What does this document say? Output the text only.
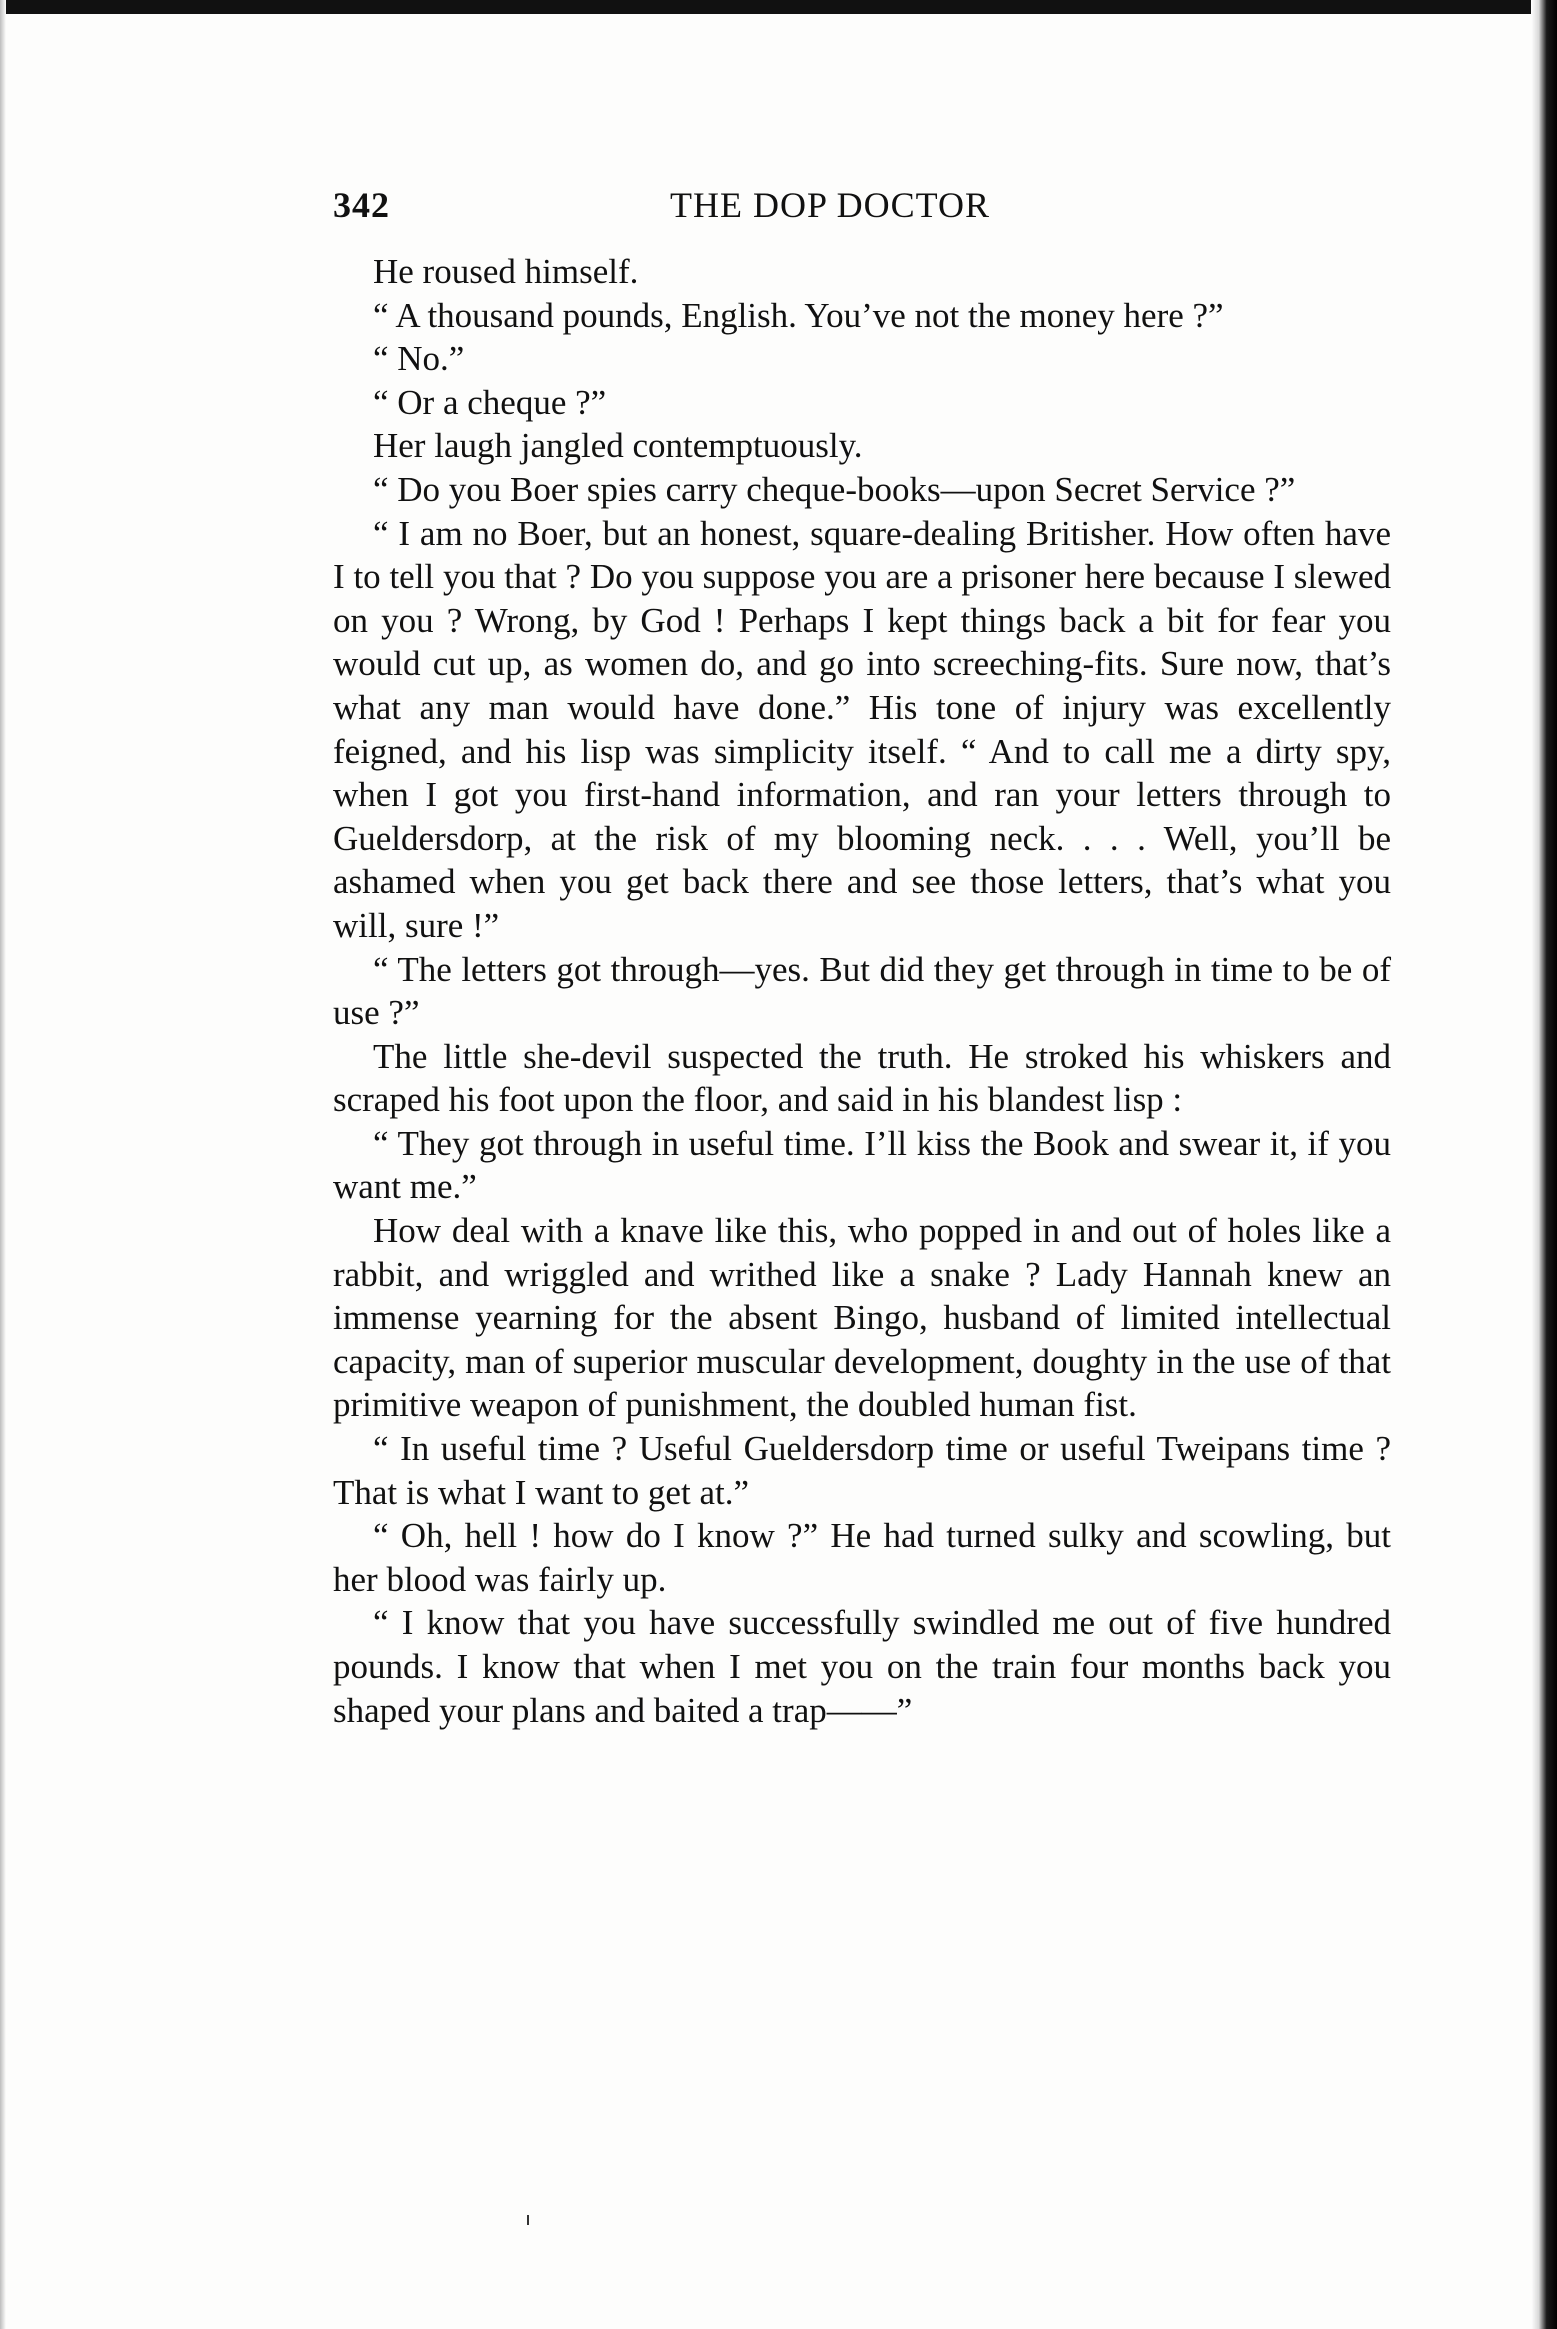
342	THE DOP DOCTOR

He roused himself.

“ A thousand pounds, English. You’ve not the money here ?”

“ No.”

“ Or a cheque ?”

Her laugh jangled contemptuously.

“ Do you Boer spies carry cheque-books—upon Secret Service ?”

“ I am no Boer, but an honest, square-dealing Britisher. How often have I to tell you that ? Do you suppose you are a prisoner here because I slewed on you ? Wrong, by God ! Perhaps I kept things back a bit for fear you would cut up, as women do, and go into screeching-fits. Sure now, that’s what any man would have done.” His tone of injury was excellently feigned, and his lisp was simplicity itself. “ And to call me a dirty spy, when I got you first-hand information, and ran your letters through to Gueldersdorp, at the risk of my blooming neck. . . . Well, you’ll be ashamed when you get back there and see those letters, that’s what you will, sure !”

“ The letters got through—yes. But did they get through in time to be of use ?”

The little she-devil suspected the truth. He stroked his whiskers and scraped his foot upon the floor, and said in his blandest lisp :

“ They got through in useful time. I’ll kiss the Book and swear it, if you want me.”

How deal with a knave like this, who popped in and out of holes like a rabbit, and wriggled and writhed like a snake ? Lady Hannah knew an immense yearning for the absent Bingo, husband of limited intellectual capacity, man of superior muscular development, doughty in the use of that primitive weapon of punishment, the doubled human fist.

“ In useful time ? Useful Gueldersdorp time or useful Tweipans time ? That is what I want to get at.”

“ Oh, hell ! how do I know ?” He had turned sulky and scowling, but her blood was fairly up.

“ I know that you have successfully swindled me out of five hundred pounds. I know that when I met you on the train four months back you shaped your plans and baited a trap——”
